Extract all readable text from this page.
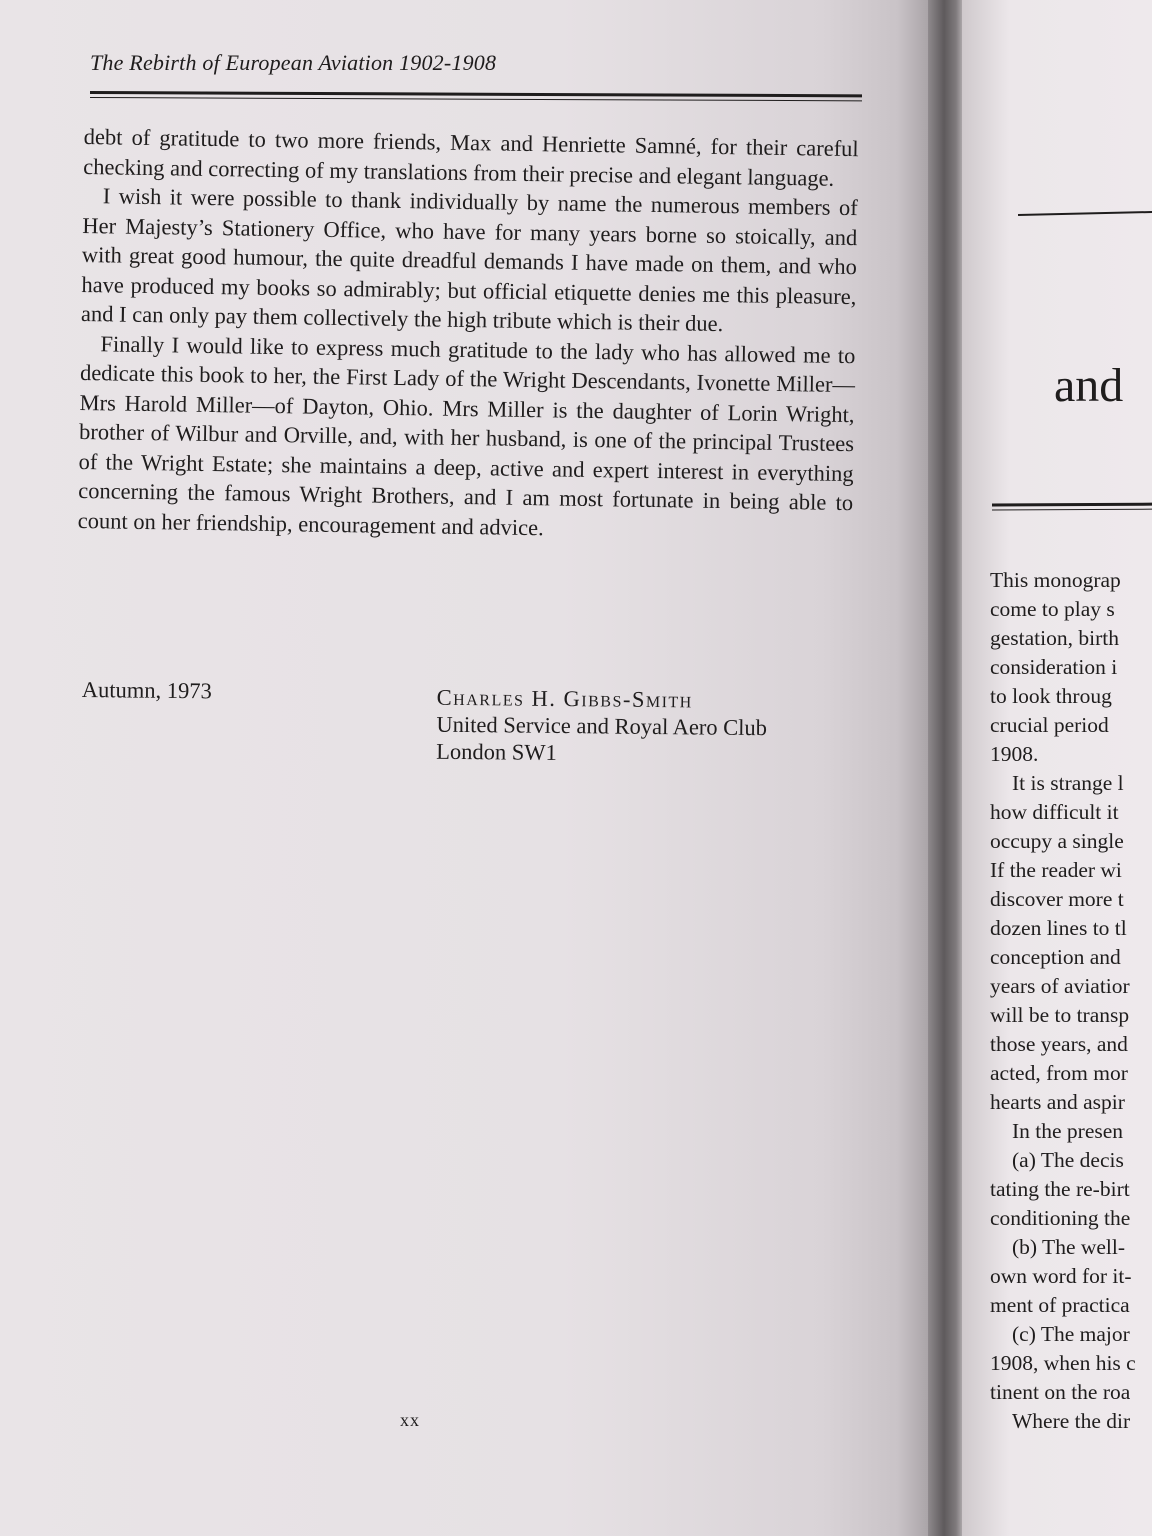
The Rebirth of European Aviation 1902-1908

debt of gratitude to two more friends, Max and Henriette Samné, for their careful checking and correcting of my translations from their precise and elegant language.

I wish it were possible to thank individually by name the numerous members of Her Majesty’s Stationery Office, who have for many years borne so stoically, and with great good humour, the quite dreadful demands I have made on them, and who have produced my books so admirably; but official etiquette denies me this pleasure, and I can only pay them collectively the high tribute which is their due.

Finally I would like to express much gratitude to the lady who has allowed me to dedicate this book to her, the First Lady of the Wright Descendants, Ivonette Miller—Mrs Harold Miller—of Dayton, Ohio. Mrs Miller is the daughter of Lorin Wright, brother of Wilbur and Orville, and, with her husband, is one of the principal Trustees of the Wright Estate; she maintains a deep, active and expert interest in everything concerning the famous Wright Brothers, and I am most fortunate in being able to count on her friendship, encouragement and advice.

Autumn, 1973	Charles H. Gibbs-Smith
United Service and Royal Aero Club
London SW1
xx
and
This monograp
come to play s
gestation, birth
consideration i
to look throug
crucial period
1908.
It is strange l
how difficult it
occupy a single
If the reader wi
discover more t
dozen lines to tl
conception and
years of aviatior
will be to transp
those years, and
acted, from mor
hearts and aspir
In the presen
(a) The decis
tating the re-birt
conditioning the
(b) The well-
own word for it-
ment of practica
(c) The major
1908, when his c
tinent on the roa
Where the dir
